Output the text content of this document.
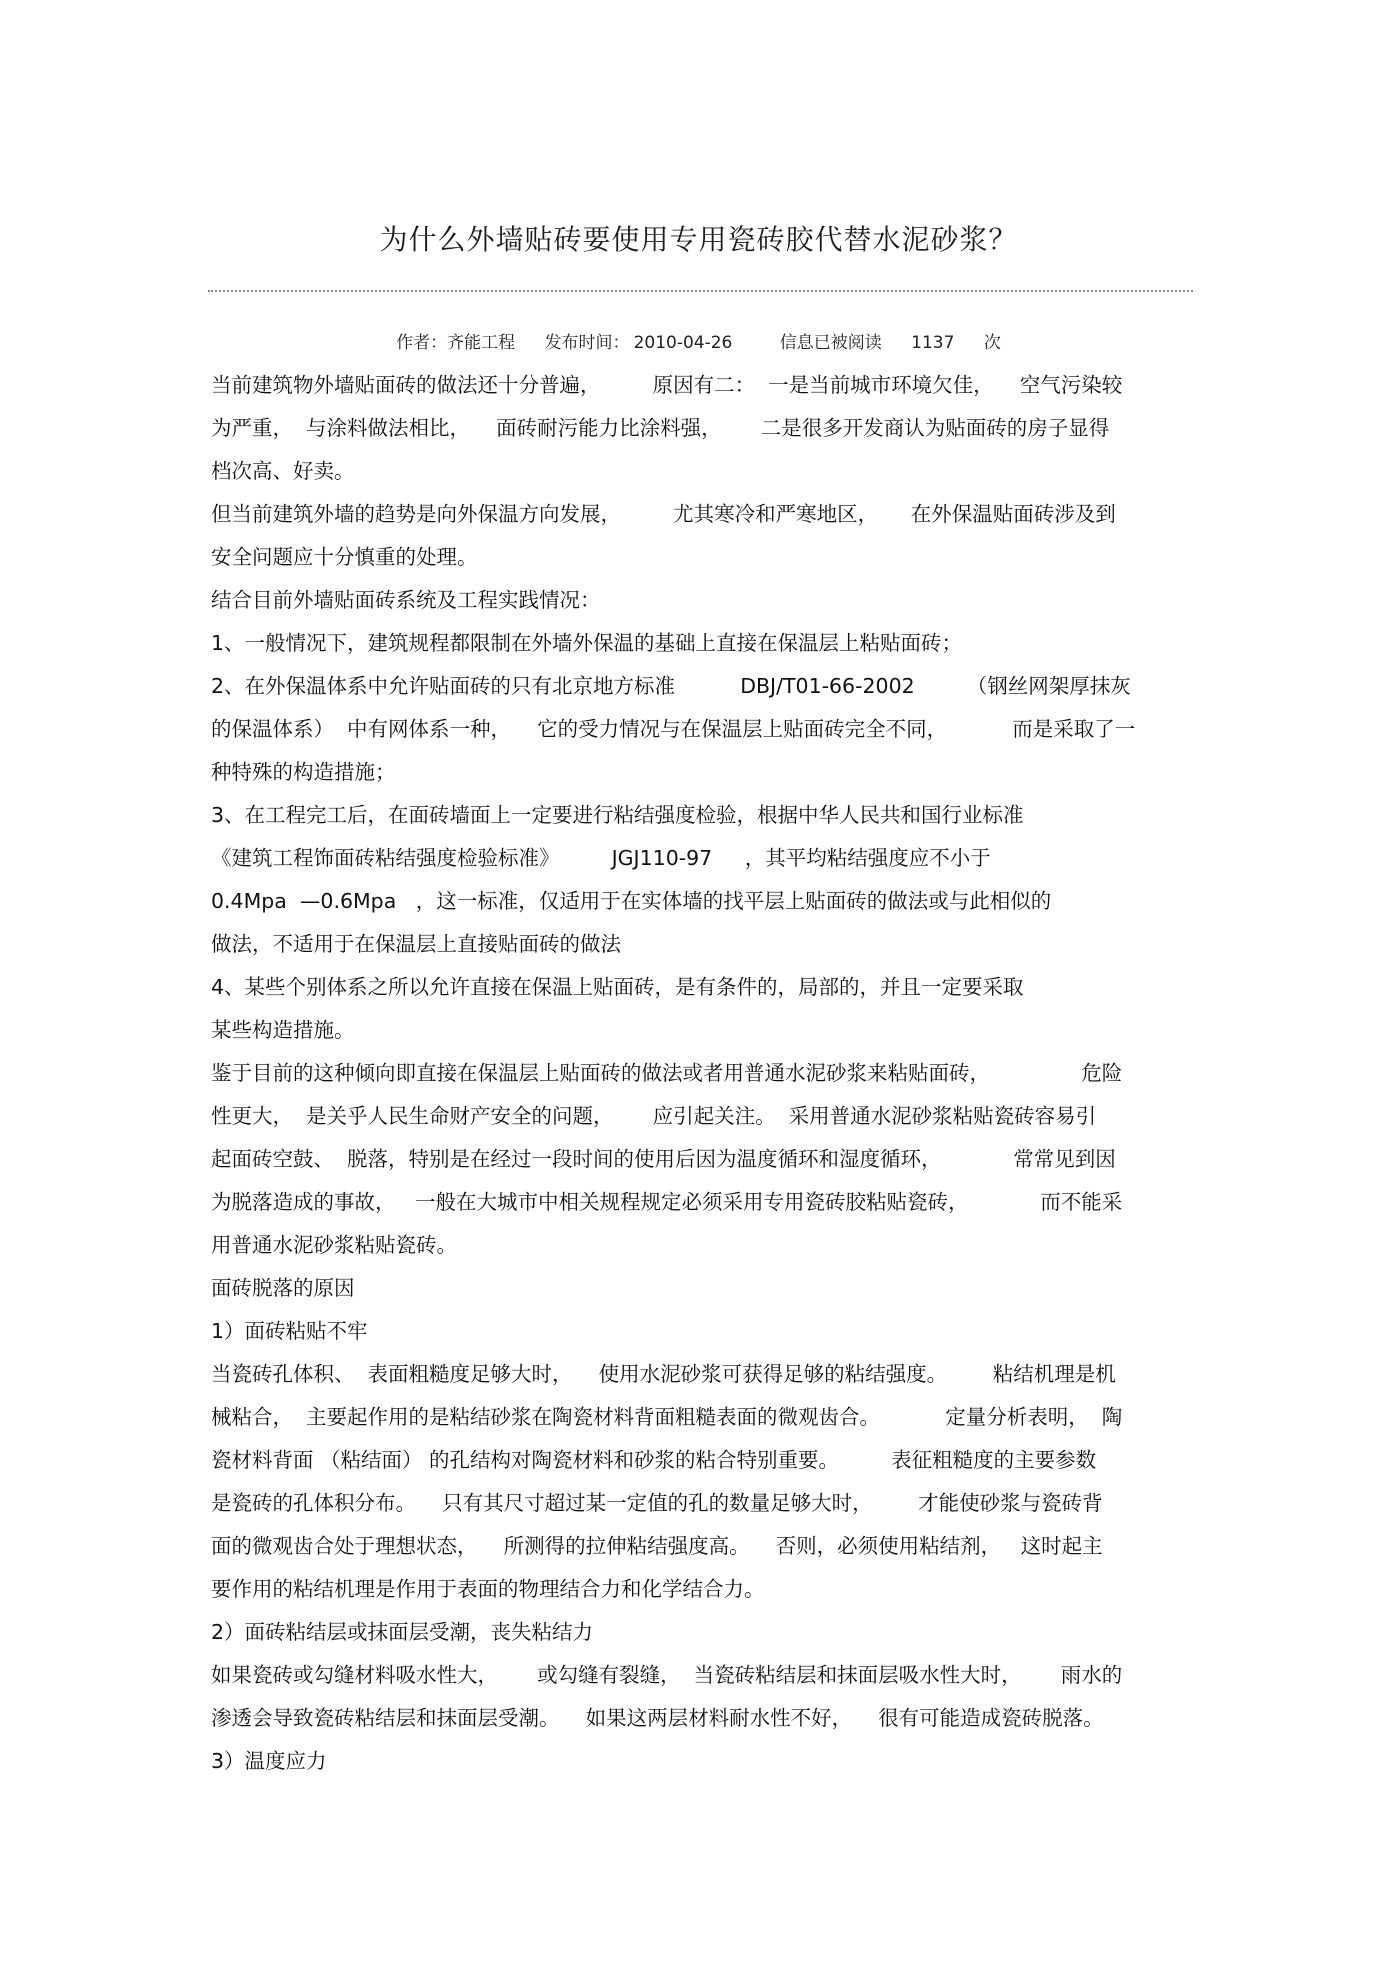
为什么外墙贴砖要使用专用瓷砖胶代替水泥砂浆？
作者：齐能工程 发布时间： 2010-04-26	信息已被阅读 1137 次
当前建筑物外墙贴面砖的做法还十分普遍，        原因有二：  一是当前城市环境欠佳，    空气污染较
为严重，  与涂料做法相比，    面砖耐污能力比涂料强，      二是很多开发商认为贴面砖的房子显得
档次高、好卖。
但当前建筑外墙的趋势是向外保温方向发展，        尤其寒冷和严寒地区，     在外保温贴面砖涉及到
安全问题应十分慎重的处理。
结合目前外墙贴面砖系统及工程实践情况：
1、一般情况下，建筑规程都限制在外墙外保温的基础上直接在保温层上粘贴面砖；
2、在外保温体系中允许贴面砖的只有北京地方标准          DBJ/T01-66-2002        （钢丝网架厚抹灰
的保温体系）  中有网体系一种，    它的受力情况与在保温层上贴面砖完全不同，          而是采取了一
种特殊的构造措施；
3、在工程完工后，在面砖墙面上一定要进行粘结强度检验，根据中华人民共和国行业标准
《建筑工程饰面砖粘结强度检验标准》        JGJ110-97     ，其平均粘结强度应不小于
0.4Mpa  —0.6Mpa   ，这一标准，仅适用于在实体墙的找平层上贴面砖的做法或与此相似的
做法，不适用于在保温层上直接贴面砖的做法
4、某些个别体系之所以允许直接在保温上贴面砖，是有条件的，局部的，并且一定要采取
某些构造措施。
鉴于目前的这种倾向即直接在保温层上贴面砖的做法或者用普通水泥砂浆来粘贴面砖，              危险
性更大，  是关乎人民生命财产安全的问题，      应引起关注。  采用普通水泥砂浆粘贴瓷砖容易引
起面砖空鼓、  脱落，特别是在经过一段时间的使用后因为温度循环和湿度循环，           常常见到因
为脱落造成的事故，   一般在大城市中相关规程规定必须采用专用瓷砖胶粘贴瓷砖，           而不能采
用普通水泥砂浆粘贴瓷砖。
面砖脱落的原因
1）面砖粘贴不牢
当瓷砖孔体积、  表面粗糙度足够大时，    使用水泥砂浆可获得足够的粘结强度。       粘结机理是机
械粘合，  主要起作用的是粘结砂浆在陶瓷材料背面粗糙表面的微观齿合。          定量分析表明，  陶
瓷材料背面 （粘结面） 的孔结构对陶瓷材料和砂浆的粘合特别重要。        表征粗糙度的主要参数
是瓷砖的孔体积分布。    只有其尺寸超过某一定值的孔的数量足够大时，       才能使砂浆与瓷砖背
面的微观齿合处于理想状态，    所测得的拉伸粘结强度高。    否则，必须使用粘结剂，   这时起主
要作用的粘结机理是作用于表面的物理结合力和化学结合力。
2）面砖粘结层或抹面层受潮，丧失粘结力
如果瓷砖或勾缝材料吸水性大，      或勾缝有裂缝，  当瓷砖粘结层和抹面层吸水性大时，      雨水的
渗透会导致瓷砖粘结层和抹面层受潮。    如果这两层材料耐水性不好，    很有可能造成瓷砖脱落。
3）温度应力
